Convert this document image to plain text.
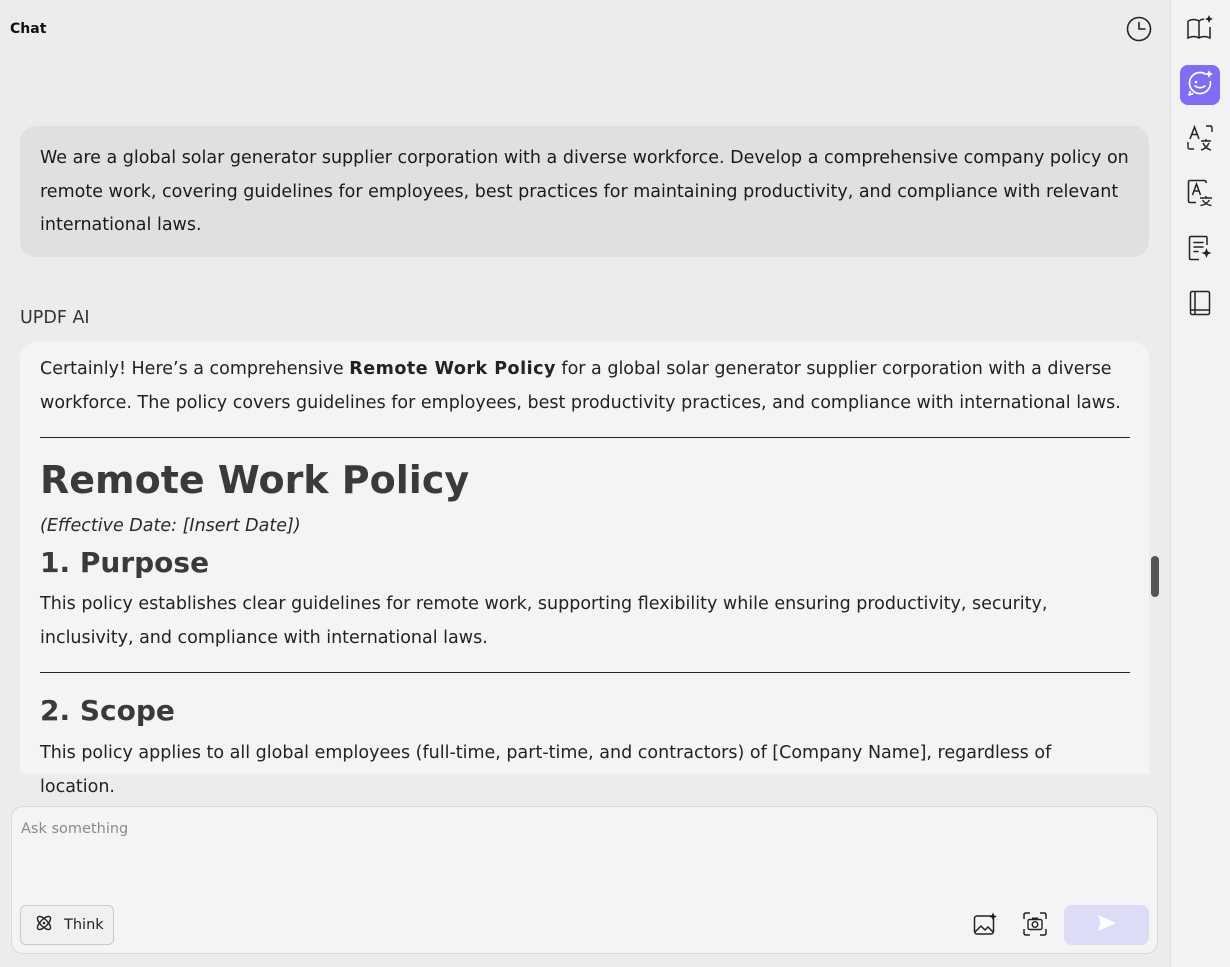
Chat
We are a global solar generator supplier corporation with a diverse workforce. Develop a comprehensive company policy on remote work, covering guidelines for employees, best practices for maintaining productivity, and compliance with relevant international laws.
UPDF AI

Certainly! Here’s a comprehensive Remote Work Policy for a global solar generator supplier corporation with a diverse workforce. The policy covers guidelines for employees, best productivity practices, and compliance with international laws.

Remote Work Policy
(Effective Date: [Insert Date])
1. Purpose

This policy establishes clear guidelines for remote work, supporting flexibility while ensuring productivity, security, inclusivity, and compliance with international laws.

2. Scope

This policy applies to all global employees (full-time, part-time, and contractors) of [Company Name], regardless of location.

Ask something
Think
